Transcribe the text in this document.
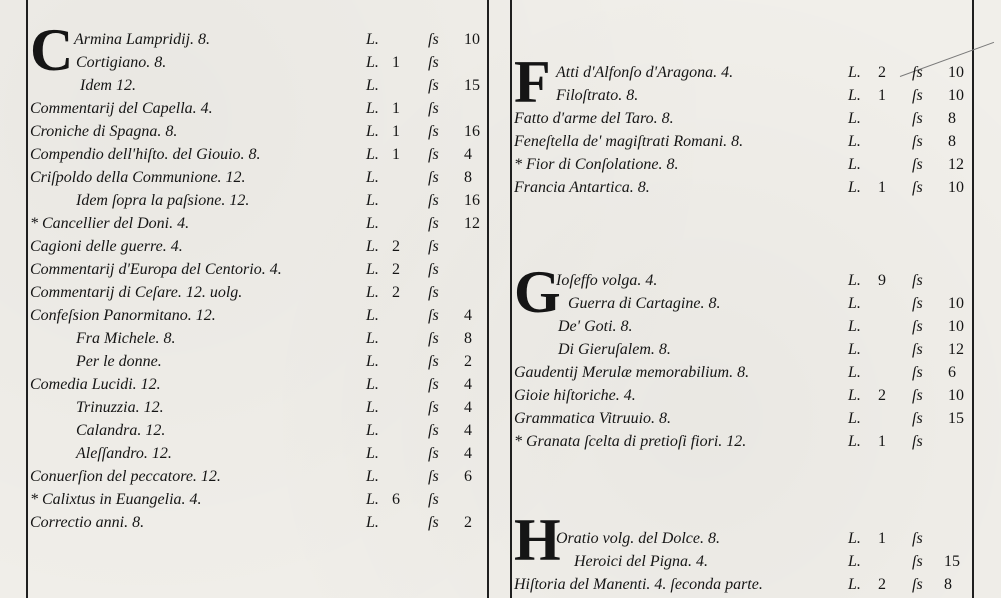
C	F
G
H
Armina Lampridij. 8.	L.	ſs 10
Cortigiano. 8.	L. 1 ſs
Idem 12.	L.	ſs 15
Commentarij del Capella. 4.	L. 1 ſs
Croniche di Spagna. 8.	L. 1 ſs 16
Compendio dell'hiſto. del Giouio. 8.	L. 1 ſs 4
Criſpoldo della Communione. 12.	L.	ſs 8
Idem ſopra la paſsione. 12.	L.	ſs 16
* Cancellier del Doni. 4.	L.	ſs 12
Cagioni delle guerre. 4.	L. 2 ſs
Commentarij d'Europa del Centorio. 4.	L. 2 ſs
Commentarij di Ceſare. 12. uolg.	L. 2 ſs
Confeſsion Panormitano. 12.	L.	ſs 4
Fra Michele. 8.	L.	ſs 8
Per le donne.	L.	ſs 2
Comedia Lucidi. 12.	L.	ſs 4
Trinuzzia. 12.	L.	ſs 4
Calandra. 12.	L.	ſs 4
Aleſſandro. 12.	L.	ſs 4
Conuerſion del peccatore. 12.	L.	ſs 6
* Calixtus in Euangelia. 4.	L. 6 ſs
Correctio anni. 8.	L.	ſs 2
Atti d'Alfonſo d'Aragona. 4.	L. 2 ſs 10
Filoſtrato. 8.	L. 1 ſs 10
Fatto d'arme del Taro. 8.	L.	ſs 8
Feneſtella de' magiſtrati Romani. 8.	L.	ſs 8
* Fior di Conſolatione. 8.	L.	ſs 12
Francia Antartica. 8.	L. 1 ſs 10
Ioſeffo volga. 4.	L. 9 ſs
Guerra di Cartagine. 8.	L.	ſs 10
De' Goti. 8.	L.	ſs 10
Di Gieruſalem. 8.	L.	ſs 12
Gaudentij Merulæ memorabilium. 8.	L.	ſs 6
Gioie hiſtoriche. 4.	L. 2 ſs 10
Grammatica Vitruuio. 8.	L.	ſs 15
* Granata ſcelta di pretioſi fiori. 12.	L. 1 ſs
Oratio volg. del Dolce. 8.	L. 1 ſs
Heroici del Pigna. 4.	L.	ſs 15
Hiſtoria del Manenti. 4. ſeconda parte.	L. 2 ſs 8
